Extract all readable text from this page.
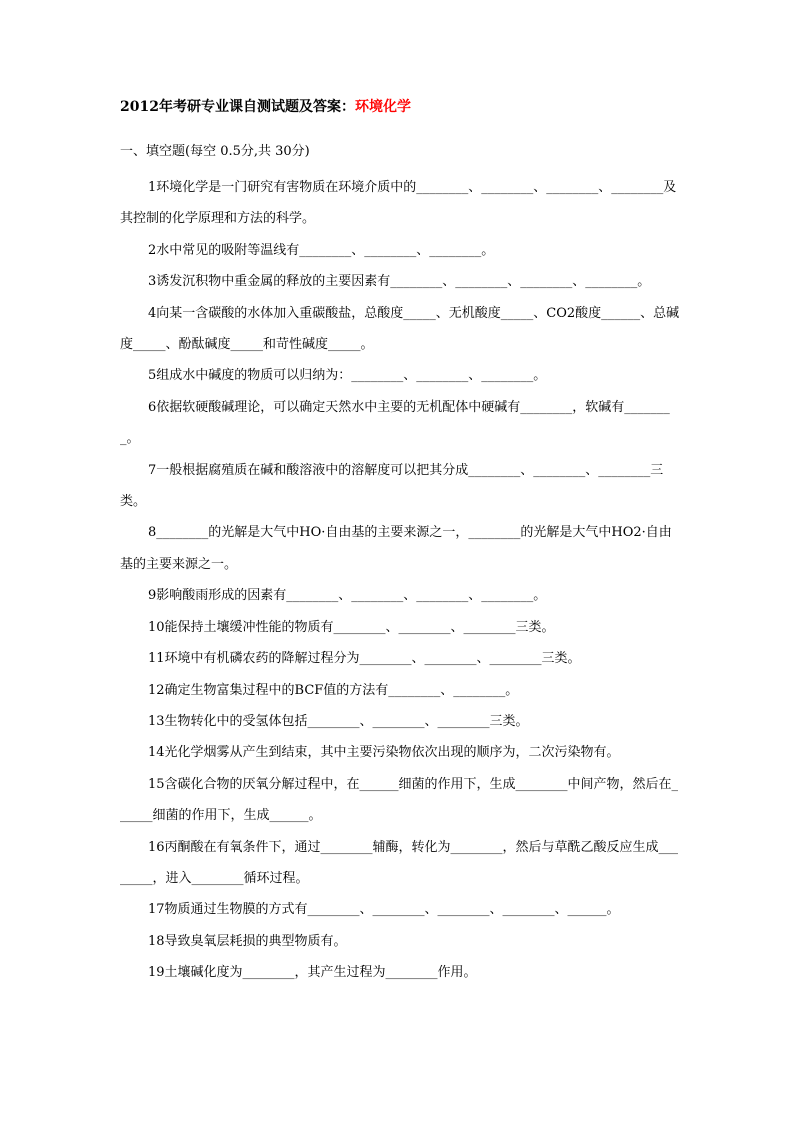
2012年考研专业课自测试题及答案：环境化学
一、填空题(每空 0.5分,共 30分)

1环境化学是一门研究有害物质在环境介质中的________、________、________、________及其控制的化学原理和方法的科学。

2水中常见的吸附等温线有________、________、________。

3诱发沉积物中重金属的释放的主要因素有________、________、________、________。

4向某一含碳酸的水体加入重碳酸盐，总酸度_____、无机酸度_____、CO2酸度______、总碱度_____、酚酞碱度_____和苛性碱度_____。

5组成水中碱度的物质可以归纳为：________、________、________。

6依据软硬酸碱理论，可以确定天然水中主要的无机配体中硬碱有________，软碱有________。

7一般根据腐殖质在碱和酸溶液中的溶解度可以把其分成________、________、________三类。

8________的光解是大气中HO·自由基的主要来源之一，________的光解是大气中HO2·自由基的主要来源之一。

9影响酸雨形成的因素有________、________、________、________。

10能保持土壤缓冲性能的物质有________、________、________三类。

11环境中有机磷农药的降解过程分为________、________、________三类。

12确定生物富集过程中的BCF值的方法有________、________。

13生物转化中的受氢体包括________、________、________三类。

14光化学烟雾从产生到结束，其中主要污染物依次出现的顺序为，二次污染物有。

15含碳化合物的厌氧分解过程中，在______细菌的作用下，生成________中间产物，然后在______细菌的作用下，生成______。

16丙酮酸在有氧条件下，通过________辅酶，转化为________，然后与草酰乙酸反应生成________，进入________循环过程。

17物质通过生物膜的方式有________、________、________、________、______。

18导致臭氧层耗损的典型物质有。

19土壤碱化度为________，其产生过程为________作用。
